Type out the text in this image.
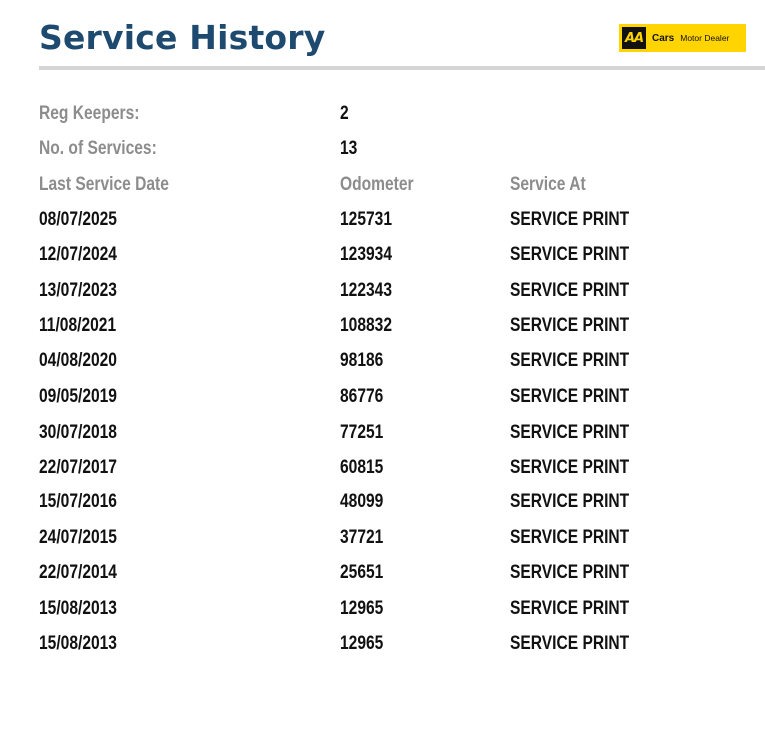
Service History	AA Cars Motor Dealer
Reg Keepers:	2
No. of Services:	13
Last Service Date	Odometer	Service At
08/07/2025	125731	SERVICE PRINT
12/07/2024	123934	SERVICE PRINT
13/07/2023	122343	SERVICE PRINT
11/08/2021	108832	SERVICE PRINT
04/08/2020	98186	SERVICE PRINT
09/05/2019	86776	SERVICE PRINT
30/07/2018	77251	SERVICE PRINT
22/07/2017	60815	SERVICE PRINT
15/07/2016	48099	SERVICE PRINT
24/07/2015	37721	SERVICE PRINT
22/07/2014	25651	SERVICE PRINT
15/08/2013	12965	SERVICE PRINT
15/08/2013	12965	SERVICE PRINT
